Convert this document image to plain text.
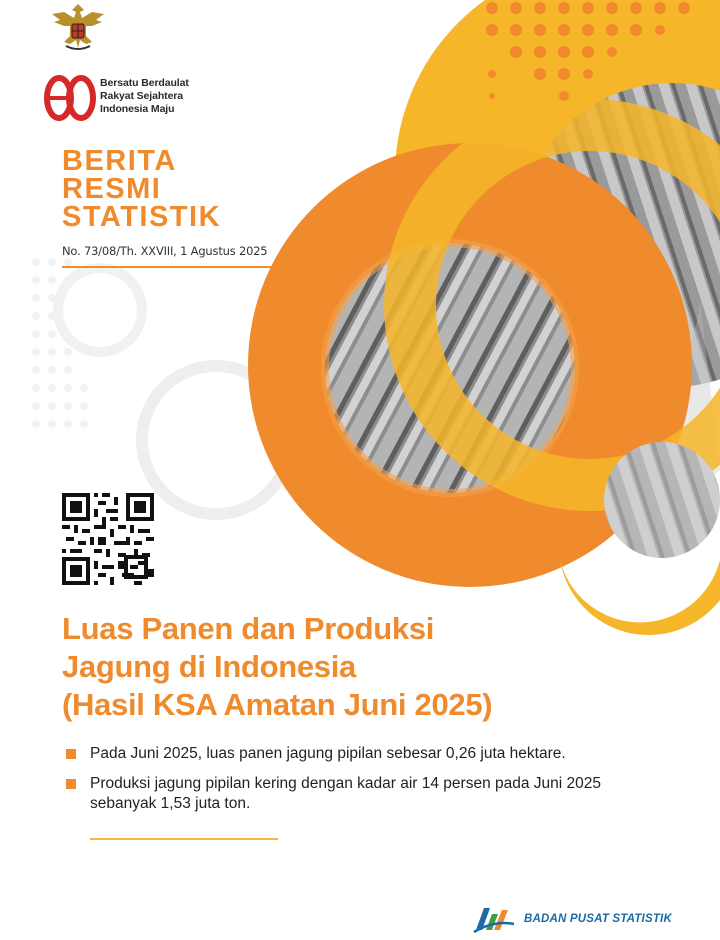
Bersatu Berdaulat
Rakyat Sejahtera
Indonesia Maju
BERITA
RESMI
STATISTIK
No. 73/08/Th. XXVIII, 1 Agustus 2025
Luas Panen dan Produksi
Jagung di Indonesia
(Hasil KSA Amatan Juni 2025)
Pada Juni 2025, luas panen jagung pipilan sebesar 0,26 juta hektare.
Produksi jagung pipilan kering dengan kadar air 14 persen pada Juni 2025 sebanyak 1,53 juta ton.
BADAN PUSAT STATISTIK
